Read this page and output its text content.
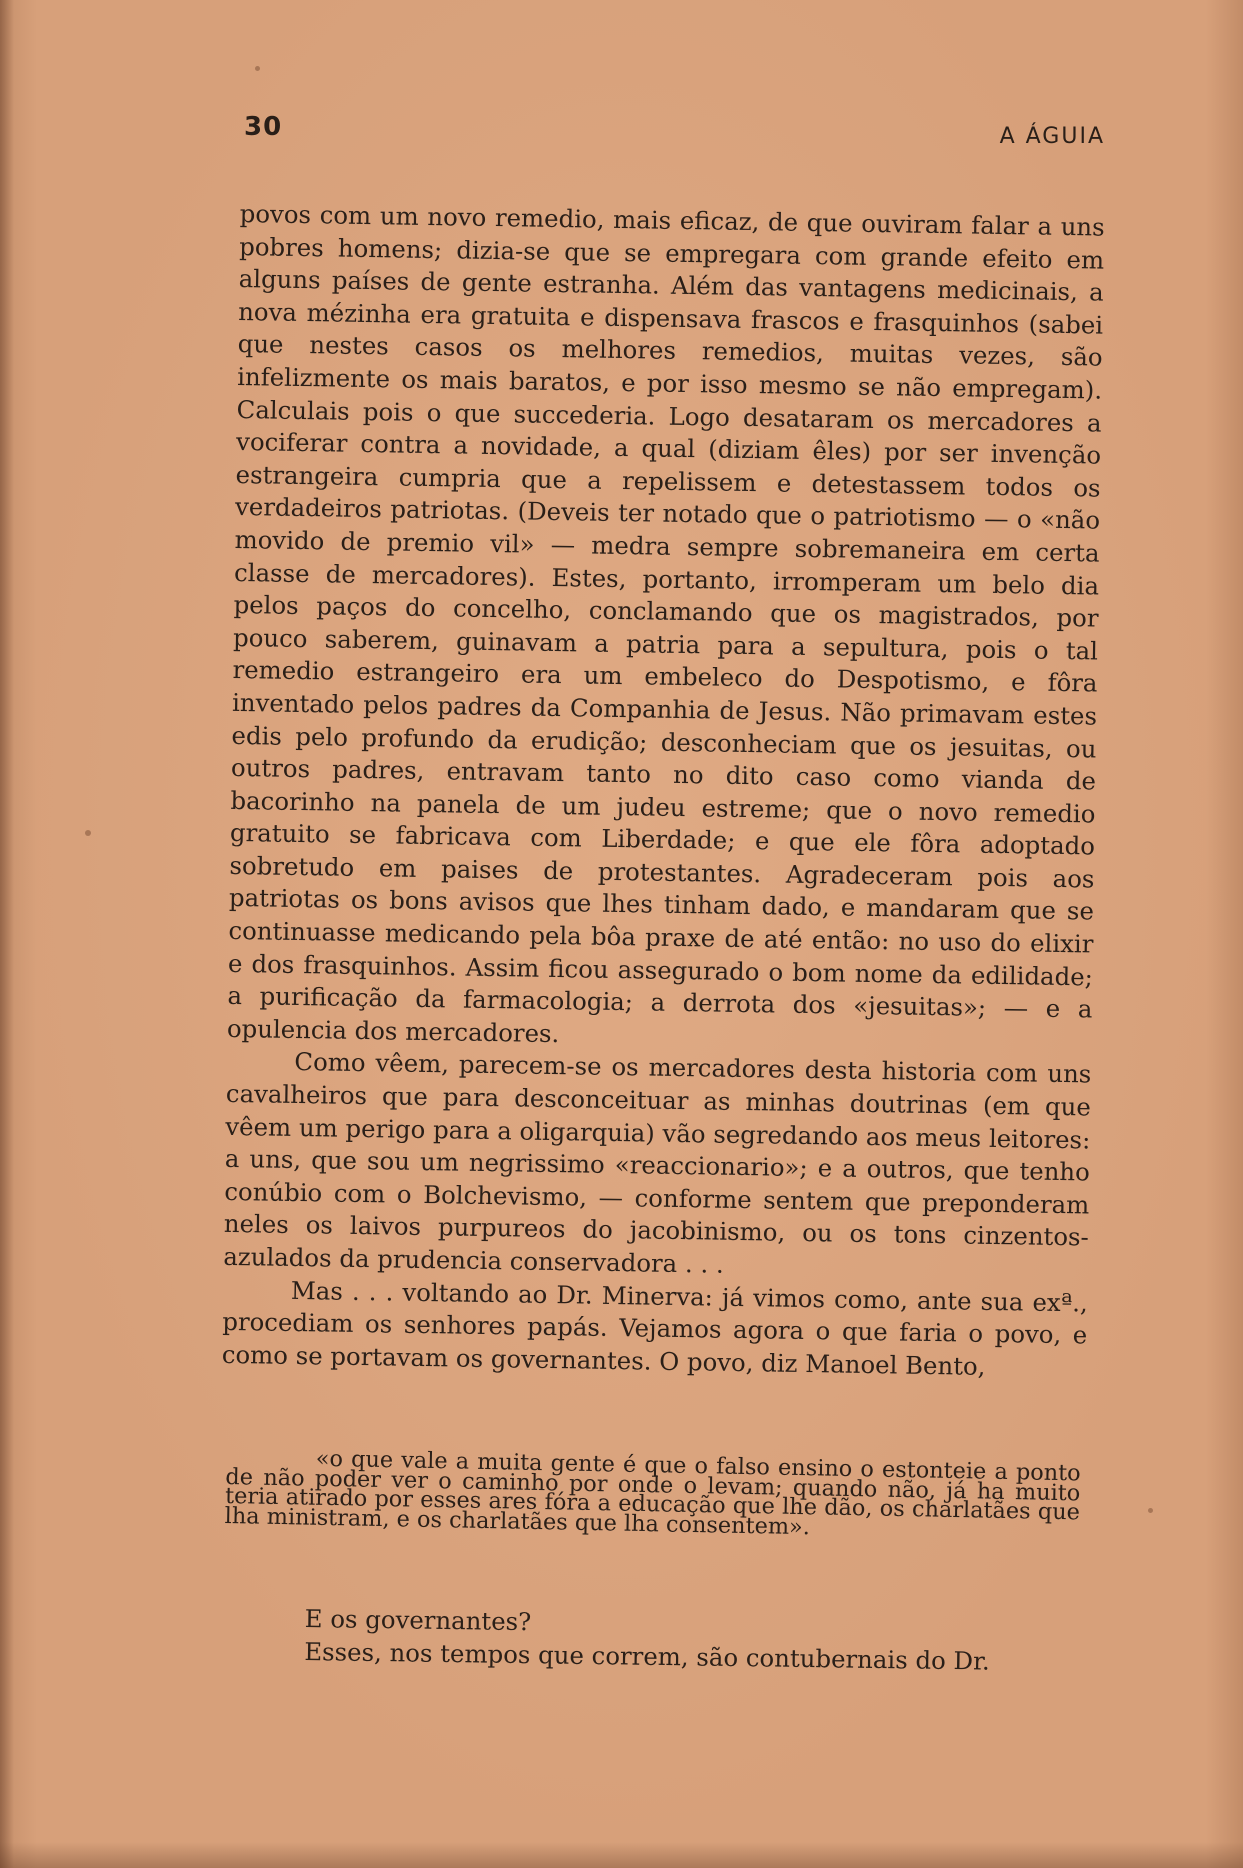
30	A ÁGUIA

povos com um novo remedio, mais eficaz, de que ouviram falar a uns pobres homens; dizia-se que se empregara com grande efeito em alguns países de gente estranha. Além das vantagens medicinais, a nova mézinha era gratuita e dispensava frascos e frasquinhos (sabei que nestes casos os melhores remedios, muitas vezes, são infelizmente os mais baratos, e por isso mesmo se não empregam). Calculais pois o que succederia. Logo desataram os mercadores a vociferar contra a novidade, a qual (diziam êles) por ser invenção estrangeira cumpria que a repelissem e detestassem todos os verdadeiros patriotas. (Deveis ter notado que o patriotismo — o «não movido de premio vil» — medra sempre sobremaneira em certa classe de mercadores). Estes, portanto, irromperam um belo dia pelos paços do concelho, conclamando que os magistrados, por pouco saberem, guinavam a patria para a sepultura, pois o tal remedio estrangeiro era um embeleco do Despotismo, e fôra inventado pelos padres da Companhia de Jesus. Não primavam estes edis pelo profundo da erudição; desconheciam que os jesuitas, ou outros padres, entravam tanto no dito caso como vianda de bacorinho na panela de um judeu estreme; que o novo remedio gratuito se fabricava com Liberdade; e que ele fôra adoptado sobretudo em paises de protestantes. Agradeceram pois aos patriotas os bons avisos que lhes tinham dado, e mandaram que se continuasse medicando pela bôa praxe de até então: no uso do elixir e dos frasquinhos. Assim ficou assegurado o bom nome da edilidade; a purificação da farmacologia; a derrota dos «jesuitas»; — e a opulencia dos mercadores.

Como vêem, parecem-se os mercadores desta historia com uns cavalheiros que para desconceituar as minhas doutrinas (em que vêem um perigo para a oligarquia) vão segredando aos meus leitores: a uns, que sou um negrissimo «reaccionario»; e a outros, que tenho conúbio com o Bolchevismo, — conforme sentem que preponderam neles os laivos purpureos do jacobinismo, ou os tons cinzentos-azulados da prudencia conservadora . . .

Mas . . . voltando ao Dr. Minerva: já vimos como, ante sua exª., procediam os senhores papás. Vejamos agora o que faria o povo, e como se portavam os governantes. O povo, diz Manoel Bento,

«o que vale a muita gente é que o falso ensino o estonteie a ponto de não poder ver o caminho por onde o levam; quando não, já ha muito teria atirado por esses ares fóra a educação que lhe dão, os charlatães que lha ministram, e os charlatães que lha consentem».

E os governantes?

Esses, nos tempos que correm, são contubernais do Dr.
